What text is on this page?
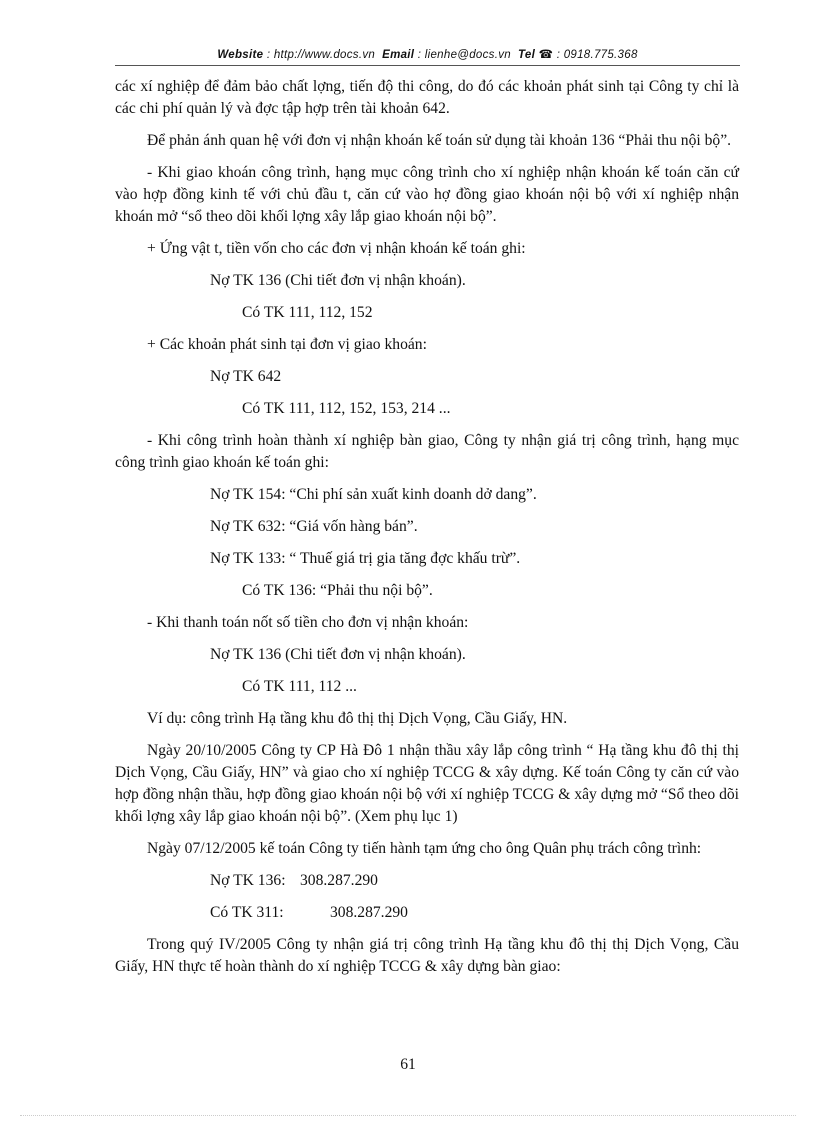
Website : http://www.docs.vn Email : lienhe@docs.vn Tel ☎ : 0918.775.368

các xí nghiệp để đảm bảo chất lợng, tiến độ thi công, do đó các khoản phát sinh tại Công ty chỉ là các chi phí quản lý và đợc tập hợp trên tài khoản 642.

Để phản ánh quan hệ với đơn vị nhận khoán kế toán sử dụng tài khoản 136 “Phải thu nội bộ”.

- Khi giao khoán công trình, hạng mục công trình cho xí nghiệp nhận khoán kế toán căn cứ vào hợp đồng kinh tế với chủ đầu t, căn cứ vào hợ đồng giao khoán nội bộ với xí nghiệp nhận khoán mở “sổ theo dõi khối lợng xây lắp giao khoán nội bộ”.

+ Ứng vật t, tiền vốn cho các đơn vị nhận khoán kế toán ghi:

Nợ TK 136 (Chi tiết đơn vị nhận khoán).

Có TK 111, 112, 152

+ Các khoản phát sinh tại đơn vị giao khoán:

Nợ TK 642

Có TK 111, 112, 152, 153, 214 ...

- Khi công trình hoàn thành xí nghiệp bàn giao, Công ty nhận giá trị công trình, hạng mục công trình giao khoán kế toán ghi:

Nợ TK 154: “Chi phí sản xuất kinh doanh dở dang”.

Nợ TK 632: “Giá vốn hàng bán”.

Nợ TK 133: “ Thuế giá trị gia tăng đợc khấu trừ”.

Có TK 136: “Phải thu nội bộ”.

- Khi thanh toán nốt số tiền cho đơn vị nhận khoán:

Nợ TK 136 (Chi tiết đơn vị nhận khoán).

Có TK 111, 112 ...

Ví dụ: công trình Hạ tầng khu đô thị thị Dịch Vọng, Cầu Giấy, HN.

Ngày 20/10/2005 Công ty CP Hà Đô 1 nhận thầu xây lắp công trình “ Hạ tầng khu đô thị thị Dịch Vọng, Cầu Giấy, HN” và giao cho xí nghiệp TCCG & xây dựng. Kế toán Công ty căn cứ vào hợp đồng nhận thầu, hợp đồng giao khoán nội bộ với xí nghiệp TCCG & xây dựng mở “Sổ theo dõi khối lợng xây lắp giao khoán nội bộ”. (Xem phụ lục 1)

Ngày 07/12/2005 kế toán Công ty tiến hành tạm ứng cho ông Quân phụ trách công trình:

Nợ TK 136: 308.287.290

Có TK 311:	308.287.290

Trong quý IV/2005 Công ty nhận giá trị công trình Hạ tầng khu đô thị thị Dịch Vọng, Cầu Giấy, HN thực tế hoàn thành do xí nghiệp TCCG & xây dựng bàn giao:

61
